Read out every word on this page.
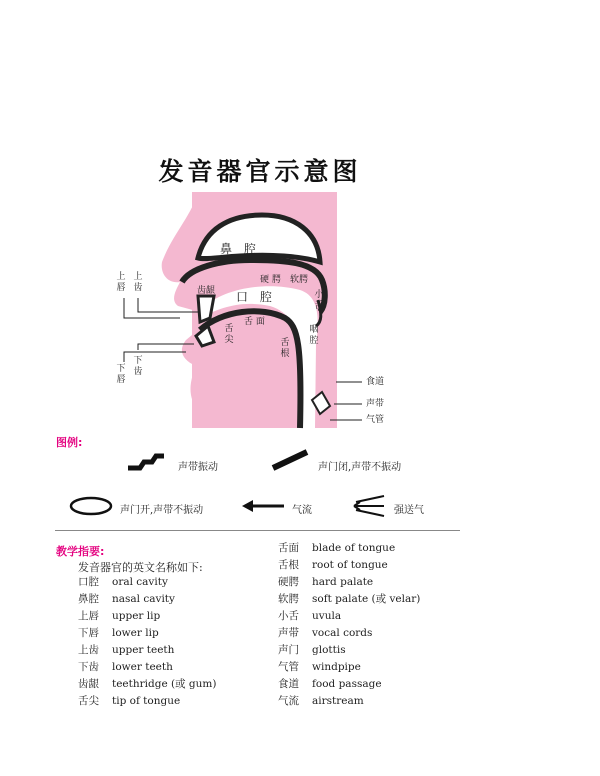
发音器官示意图
鼻 腔
口 腔
硬 腭 软腭
齿龈	小舌
舌 面
舌尖	舌根
咽腔
上唇
上齿
下齿
下唇	食道
声带
气管
图例:
声带振动	声门闭,声带不振动
声门开,声带不振动	气流	强送气
教学指要:
发音器官的英文名称如下:
口腔 oral cavity
鼻腔 nasal cavity
上唇 upper lip
下唇 lower lip
上齿 upper teeth
下齿 lower teeth
齿龈 teethridge (或 gum)
舌尖 tip of tongue
舌面 blade of tongue
舌根 root of tongue
硬腭 hard palate
软腭 soft palate (或 velar)
小舌 uvula
声带 vocal cords
声门 glottis
气管 windpipe
食道 food passage
气流 airstream
